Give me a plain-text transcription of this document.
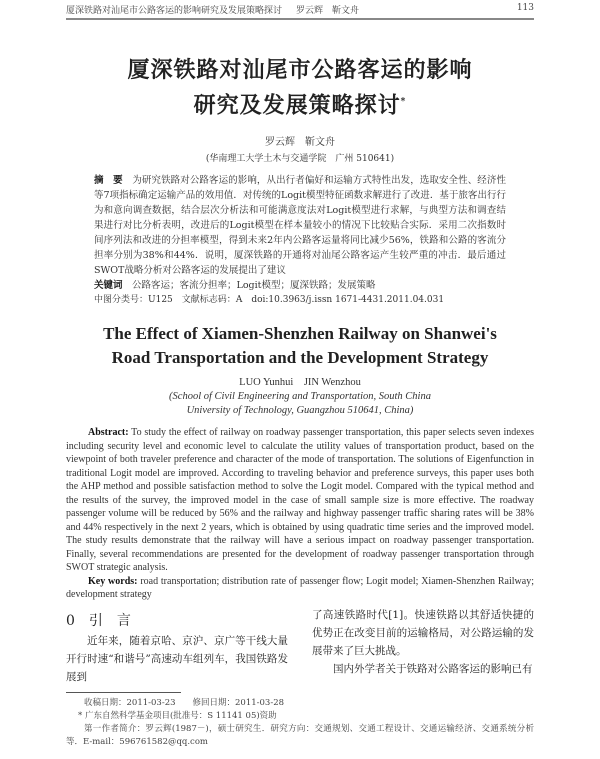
厦深铁路对汕尾市公路客运的影响研究及发展策略探讨 罗云辉　靳文舟	113
厦深铁路对汕尾市公路客运的影响
研究及发展策略探讨*
罗云辉　靳文舟
(华南理工大学土木与交通学院　广州 510641)
摘　要　 为研究铁路对公路客运的影响，从出行者偏好和运输方式特性出发，选取安全性、经济性等7项指标确定运输产品的效用值．对传统的Logit模型特征函数求解进行了改进．基于旅客出行行为和意向调查数据，结合层次分析法和可能满意度法对Logit模型进行求解，与典型方法和调查结果进行对比分析表明，改进后的Logit模型在样本量较小的情况下比较贴合实际．采用二次指数时间序列法和改进的分担率模型，得到未来2年内公路客运量将同比减少56%，铁路和公路的客流分担率分别为38%和44%．说明，厦深铁路的开通将对汕尾公路客运产生较严重的冲击．最后通过SWOT战略分析对公路客运的发展提出了建议
关键词　 公路客运；客流分担率；Logit模型；厦深铁路；发展策略
中图分类号：U125　 文献标志码：A　 doi:10.3963/j.issn 1671-4431.2011.04.031
The Effect of Xiamen-Shenzhen Railway on Shanwei's
Road Transportation and the Development Strategy
LUO Yunhui　JIN Wenzhou
(School of Civil Engineering and Transportation, South China
University of Technology, Guangzhou 510641, China)
Abstract: To study the effect of railway on roadway passenger transportation, this paper selects seven indexes including security level and economic level to calculate the utility values of transportation product, based on the viewpoint of both traveler preference and character of the mode of transportation. The solutions of Eigenfunction in traditional Logit model are improved. According to traveling behavior and preference surveys, this paper uses both the AHP method and possible satisfaction method to solve the Logit model. Compared with the typical method and the results of the survey, the improved model in the case of small sample size is more effective. The roadway passenger volume will be reduced by 56% and the railway and highway passenger traffic sharing rates will be 38% and 44% respectively in the next 2 years, which is obtained by using quadratic time series and the improved model. The study results demonstrate that the railway will have a serious impact on roadway passenger transportation. Finally, several recommendations are presented for the development of roadway passenger transportation through SWOT strategic analysis.
Key words: road transportation; distribution rate of passenger flow; Logit model; Xiamen-Shenzhen Railway; development strategy
0　 引　言
近年来，随着京哈、京沪、京广等干线大量开行时速“和谐号”高速动车组列车，我国铁路发展到
了高速铁路时代[1]。快速铁路以其舒适快捷的优势正在改变目前的运输格局，对公路运输的发展带来了巨大挑战。
国内外学者关于铁路对公路客运的影响已有
收稿日期：2011-03-23　　修回日期：2011-03-28
* 广东自然科学基金项目(批准号：S 11141 05)资助
第一作者简介：罗云辉(1987－)，硕士研究生．研究方向：交通规划、交通工程设计、交通运输经济、交通系统分析等．E-mail：596761582@qq.com
